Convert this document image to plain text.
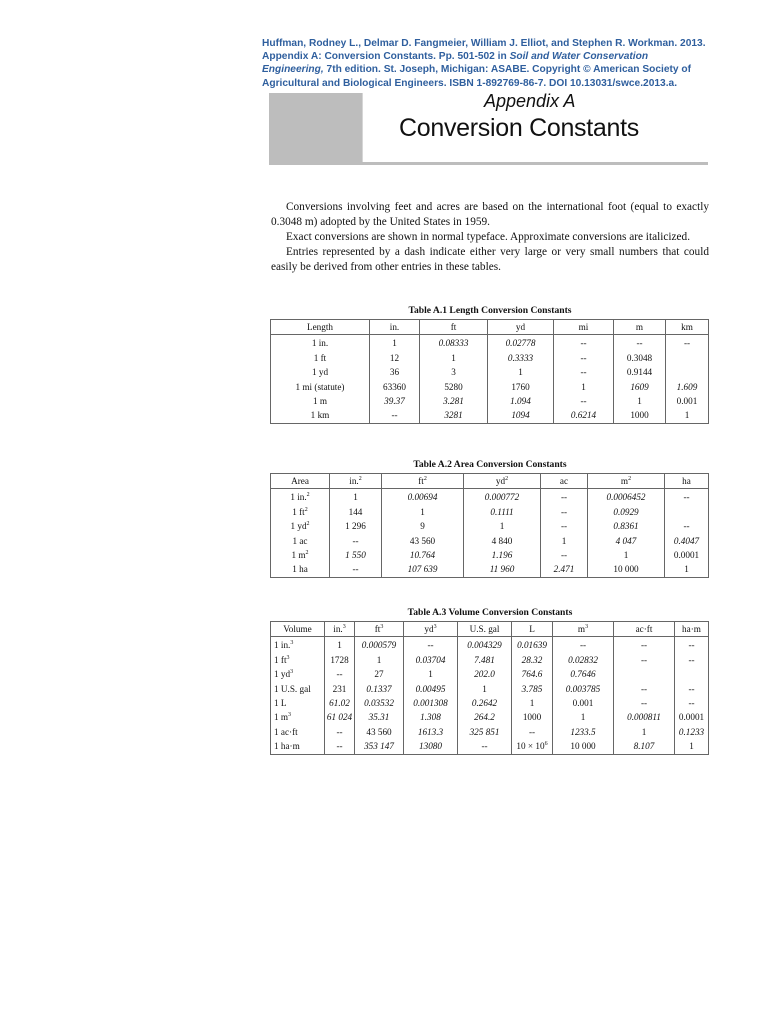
Huffman, Rodney L., Delmar D. Fangmeier, William J. Elliot, and Stephen R. Workman. 2013. Appendix A: Conversion Constants. Pp. 501-502 in Soil and Water Conservation Engineering, 7th edition. St. Joseph, Michigan: ASABE. Copyright © American Society of Agricultural and Biological Engineers. ISBN 1-892769-86-7. DOI 10.13031/swce.2013.a.
Appendix A
Conversion Constants

Conversions involving feet and acres are based on the international foot (equal to exactly 0.3048 m) adopted by the United States in 1959.

Exact conversions are shown in normal typeface. Approximate conversions are italicized.

Entries represented by a dash indicate either very large or very small numbers that could easily be derived from other entries in these tables.

Table A.1 Length Conversion Constants
Length	in.	ft	yd	mi	m	km
1 in.	1	0.08333	0.02778	--	--	--
1 ft	12	1	0.3333	--	0.3048	
1 yd	36	3	1	--	0.9144	
1 mi (statute)	63360	5280	1760	1	1609	1.609
1 m	39.37	3.281	1.094	--	1	0.001
1 km	--	3281	1094	0.6214	1000	1
Table A.2 Area Conversion Constants
Area	in.$^2$	$ft^2$	$yd^2$	ac	$m^2$	ha
1 in.$^2$	1	0.00694	0.000772	--	0.0006452	--
1 $ft^2$	144	1	0.1111	--	0.0929	
1 $yd^2$	1 296	9	1	--	0.8361	--
1 ac	--	43 560	4 840	1	4 047	0.4047
1 $m^2$	1 550	10.764	1.196	--	1	0.0001
1 ha	--	107 639	11 960	2.471	10 000	1
Table A.3 Volume Conversion Constants
Volume	in.$^3$	$ft^3$	$yd^3$	U.S. gal	L	$m^3$	ac·ft	ha·m
1 in.$^3$	1	0.000579	--	0.004329	0.01639	--	--	--
1 $ft^3$	1728	1	0.03704	7.481	28.32	0.02832	--	--
1 $yd^3$	--	27	1	202.0	764.6	0.7646		
1 U.S. gal	231	0.1337	0.00495	1	3.785	0.003785	--	--
1 L	61.02	0.03532	0.001308	0.2642	1	0.001	--	--
1 $m^3$	61 024	35.31	1.308	264.2	1000	1	0.000811	0.0001
1 ac·ft	--	43 560	1613.3	325 851	--	1233.5	1	0.1233
1 ha·m	--	353 147	13080	--	$10 \times 10^6$	10 000	8.107	1
